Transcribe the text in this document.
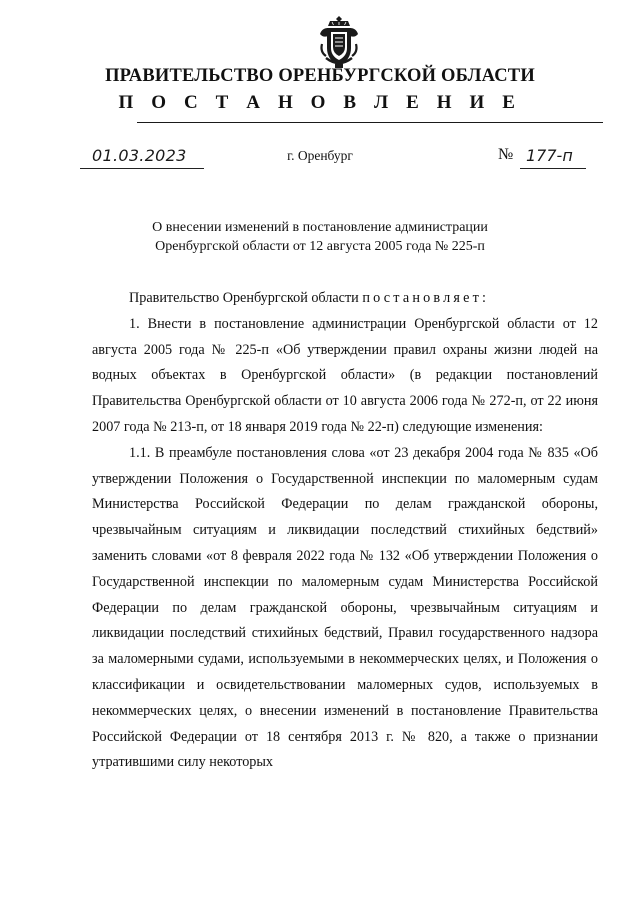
ПРАВИТЕЛЬСТВО ОРЕНБУРГСКОЙ ОБЛАСТИ
П О С Т А Н О В Л Е Н И Е
01.03.2023	г. Оренбург	№ 177-п
О внесении изменений в постановление администрации
Оренбургской области от 12 августа 2005 года № 225-п

Правительство Оренбургской области постановляет:

1. Внести в постановление администрации Оренбургской области от 12 августа 2005 года № 225-п «Об утверждении правил охраны жизни людей на водных объектах в Оренбургской области» (в редакции постановлений Правительства Оренбургской области от 10 августа 2006 года № 272-п, от 22 июня 2007 года № 213-п, от 18 января 2019 года № 22-п) следующие изменения:

1.1. В преамбуле постановления слова «от 23 декабря 2004 года № 835 «Об утверждении Положения о Государственной инспекции по маломерным судам Министерства Российской Федерации по делам гражданской обороны, чрезвычайным ситуациям и ликвидации последствий стихийных бедствий» заменить словами «от 8 февраля 2022 года № 132 «Об утверждении Положения о Государственной инспекции по маломерным судам Министерства Российской Федерации по делам гражданской обороны, чрезвычайным ситуациям и ликвидации последствий стихийных бедствий, Правил государственного надзора за маломерными судами, используемыми в некоммерческих целях, и Положения о классификации и освидетельствовании маломерных судов, используемых в некоммерческих целях, о внесении изменений в постановление Правительства Российской Федерации от 18 сентября 2013 г. № 820, а также о признании утратившими силу некоторых
